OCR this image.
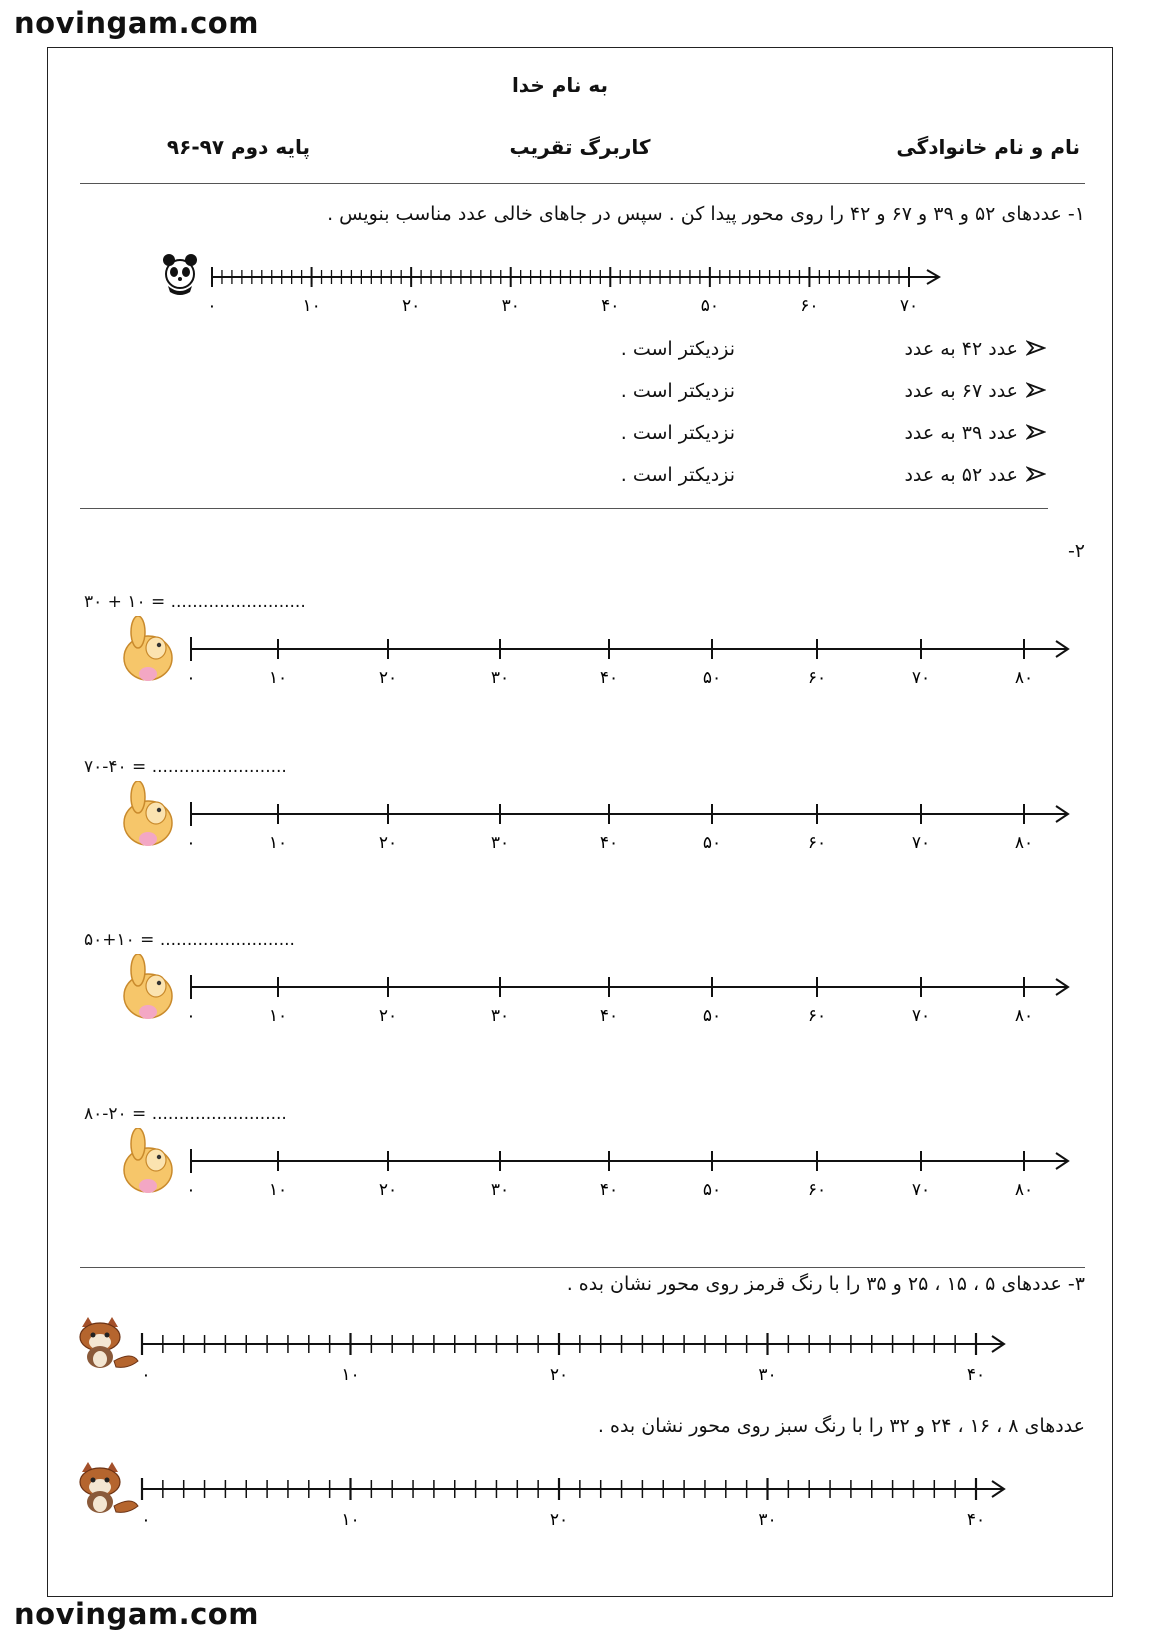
novingam.com
novingam.com
به نام خدا
نام و نام خانوادگی
کاربرگ تقریب
پایه دوم ۹۷-۹۶
۱- عددهای ۵۲ و ۳۹ و ۶۷ و ۴۲ را روی محور پیدا کن . سپس در جاهای خالی عدد مناسب بنویس .
۰	۱۰	۲۰	۳۰	۴۰	۵۰	۶۰	۷۰
عدد ۴۲ به عدد
نزدیکتر است .
عدد ۶۷ به عدد
نزدیکتر است .
عدد ۳۹ به عدد
نزدیکتر است .
عدد ۵۲ به عدد
نزدیکتر است .
-۲
۳۰ + ۱۰ = .........................
۰	۱۰	۲۰	۳۰	۴۰	۵۰	۶۰	۷۰	۸۰
۷۰-۴۰ = .........................
۰	۱۰	۲۰	۳۰	۴۰	۵۰	۶۰	۷۰	۸۰
۵۰+۱۰ = .........................
۰	۱۰	۲۰	۳۰	۴۰	۵۰	۶۰	۷۰	۸۰
۸۰-۲۰ = .........................
۰	۱۰	۲۰	۳۰	۴۰	۵۰	۶۰	۷۰	۸۰
۳- عددهای ۵ ، ۱۵ ، ۲۵ و ۳۵ را با رنگ قرمز روی محور نشان بده .
۰	۱۰	۲۰	۳۰	۴۰
عددهای ۸ ، ۱۶ ، ۲۴ و ۳۲ را با رنگ سبز روی محور نشان بده .
۰	۱۰	۲۰	۳۰	۴۰
